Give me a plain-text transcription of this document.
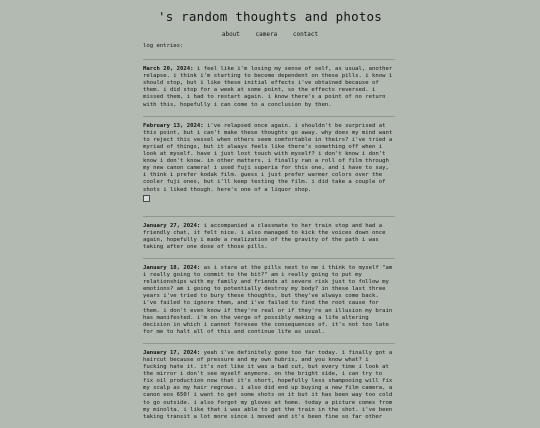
's random thoughts and photos
about	camera	contact
log entries:

March 20, 2024: i feel like i'm losing my sense of self, as usual, another relapse. i think i'm starting to become dependent on these pills. i know i should stop, but i like these initial effects i've obtained because of them. i did stop for a week at some point, so the effects reversed. i missed them, i had to restart again. i know there's a point of no return with this, hopefully i can come to a conclusion by then.

February 13, 2024: i've relapsed once again. i shouldn't be surprised at this point, but i can't make these thoughts go away. why does my mind want to reject this vessel when others seem comfortable in theirs? i've tried a myriad of things, but it always feels like there's something off when i look at myself. have i just lost touch with myself? i don't know i don't know i don't know. in other matters, i finally ran a roll of film through my new canon camera! i used fuji superia for this one, and i have to say, i think i prefer kodak film. guess i just prefer warmer colors over the cooler fuji ones, but i'll keep testing the film. i did take a couple of shots i liked though. here's one of a liquor shop.

January 27, 2024: i accompanied a classmate to her train stop and had a friendly chat, it felt nice. i also managed to kick the voices down once again, hopefully i made a realization of the gravity of the path i was taking after one dose of those pills.

January 18, 2024: as i stare at the pills next to me i think to myself "am i really going to commit to the bit?" am i really going to put my relationships with my family and friends at severe risk just to follow my emotions? am i going to potentially destroy my body? in these last three years i've tried to bury these thoughts, but they've always come back. i've failed to ignore them, and i've failed to find the root cause for them. i don't even know if they're real or if they're an illusion my brain has manifested. i'm on the verge of possibly making a life altering decision in which i cannot foresee the consequences of. it's not too late for me to halt all of this and continue life as usual.

January 17, 2024: yeah i've definitely gone too far today. i finally got a haircut because of pressure and my own hubris, and you know what? i fucking hate it. it's not like it was a bad cut, but every time i look at the mirror i don't see myself anymore. on the bright side, i can try to fix oil production now that it's short, hopefully less shampooing will fix my scalp as my hair regrows. i also did end up buying a new film camera, a canon eos 650! i want to get some shots on it but it has been way too cold to go outside. i also forgot my gloves at home. today a picture comes from my minolta. i like that i was able to get the train in the shot. i've been taking transit a lot more since i moved and it's been fine so far other
